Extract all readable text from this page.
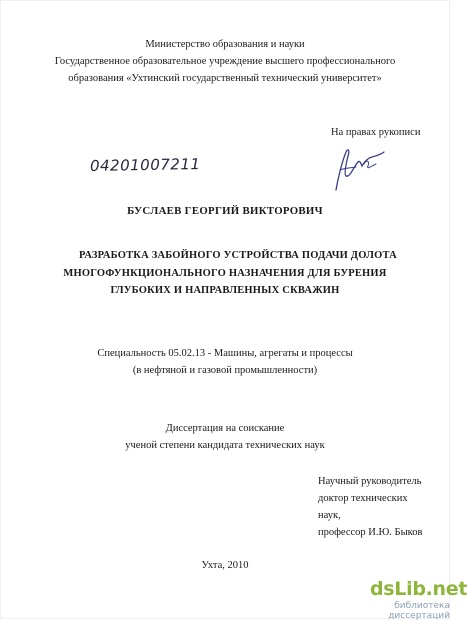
Министерство образования и науки
Государственное образовательное учреждение высшего профессионального
образования «Ухтинский государственный технический университет»
На правах рукописи
04201007211
БУСЛАЕВ ГЕОРГИЙ ВИКТОРОВИЧ
РАЗРАБОТКА ЗАБОЙНОГО УСТРОЙСТВА ПОДАЧИ ДОЛОТА
МНОГОФУНКЦИОНАЛЬНОГО НАЗНАЧЕНИЯ ДЛЯ БУРЕНИЯ
ГЛУБОКИХ И НАПРАВЛЕННЫХ СКВАЖИН
Специальность 05.02.13 - Машины, агрегаты и процессы
(в нефтяной и газовой промышленности)
Диссертация на соискание
ученой степени кандидата технических наук
Научный руководитель
доктор технических наук,
профессор И.Ю. Быков
Ухта, 2010
dsLib.net
библиотека диссертаций
